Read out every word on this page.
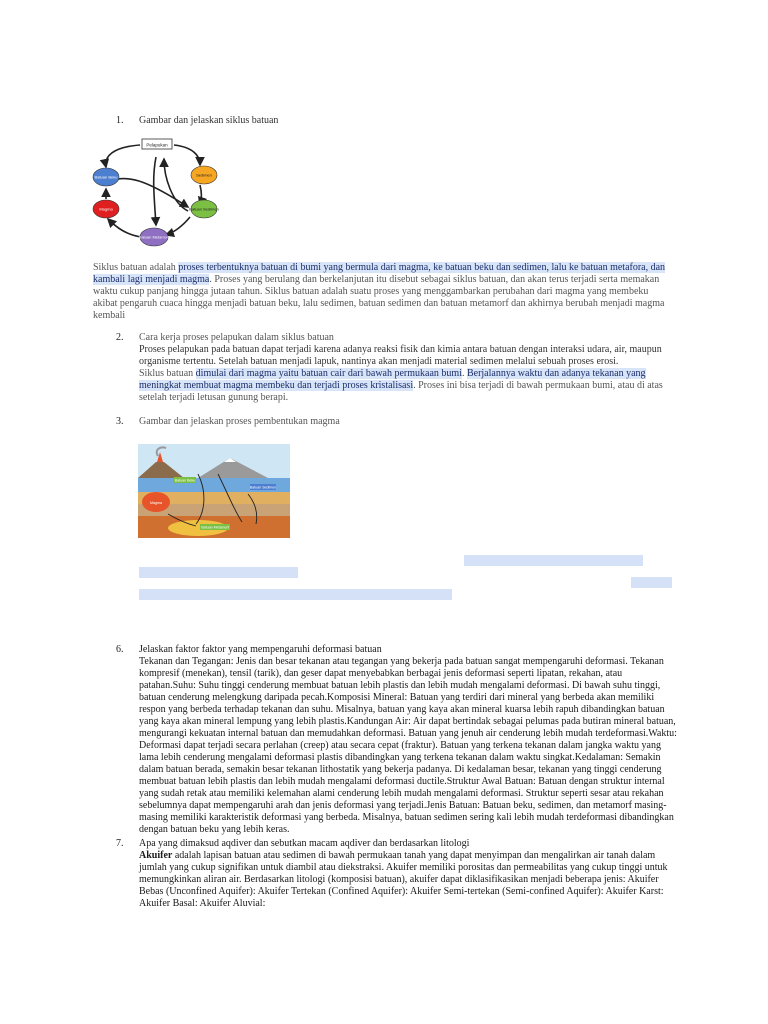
1. Gambar dan jelaskan siklus batuan
Pelapukan
Sedimen
Batuan Beku
Magma	Batuan Sedimen
Batuan Metamorf
Siklus batuan adalah proses terbentuknya batuan di bumi yang bermula dari magma, ke batuan beku dan sedimen, lalu ke batuan metafora, dan kambali lagi menjadi magma. Proses yang berulang dan berkelanjutan itu disebut sebagai siklus batuan, dan akan terus terjadi serta memakan waktu cukup panjang hingga jutaan tahun. Siklus batuan adalah suatu proses yang menggambarkan perubahan dari magma yang membeku akibat pengaruh cuaca hingga menjadi batuan beku, lalu sedimen, batuan sedimen dan batuan metamorf dan akhirnya berubah menjadi magma kembali
2. Cara kerja proses pelapukan dalam siklus batuan
Proses pelapukan pada batuan dapat terjadi karena adanya reaksi fisik dan kimia antara batuan dengan interaksi udara, air, maupun organisme tertentu. Setelah batuan menjadi lapuk, nantinya akan menjadi material sedimen melalui sebuah proses erosi.
Siklus batuan dimulai dari magma yaitu batuan cair dari bawah permukaan bumi. Berjalannya waktu dan adanya tekanan yang meningkat membuat magma membeku dan terjadi proses kristalisasi. Proses ini bisa terjadi di bawah permukaan bumi, atau di atas setelah terjadi letusan gunung berapi.
3. Gambar dan jelaskan proses pembentukan magma
Batuan Beku
Batuan Sedimen
Batuan Metamorf
Magma
6. Jelaskan faktor faktor yang mempengaruhi deformasi batuan
Tekanan dan Tegangan: Jenis dan besar tekanan atau tegangan yang bekerja pada batuan sangat mempengaruhi deformasi. Tekanan kompresif (menekan), tensil (tarik), dan geser dapat menyebabkan berbagai jenis deformasi seperti lipatan, rekahan, atau patahan.Suhu: Suhu tinggi cenderung membuat batuan lebih plastis dan lebih mudah mengalami deformasi. Di bawah suhu tinggi, batuan cenderung melengkung daripada pecah.Komposisi Mineral: Batuan yang terdiri dari mineral yang berbeda akan memiliki respon yang berbeda terhadap tekanan dan suhu. Misalnya, batuan yang kaya akan mineral kuarsa lebih rapuh dibandingkan batuan yang kaya akan mineral lempung yang lebih plastis.Kandungan Air: Air dapat bertindak sebagai pelumas pada butiran mineral batuan, mengurangi kekuatan internal batuan dan memudahkan deformasi. Batuan yang jenuh air cenderung lebih mudah terdeformasi.Waktu: Deformasi dapat terjadi secara perlahan (creep) atau secara cepat (fraktur). Batuan yang terkena tekanan dalam jangka waktu yang lama lebih cenderung mengalami deformasi plastis dibandingkan yang terkena tekanan dalam waktu singkat.Kedalaman: Semakin dalam batuan berada, semakin besar tekanan lithostatik yang bekerja padanya. Di kedalaman besar, tekanan yang tinggi cenderung membuat batuan lebih plastis dan lebih mudah mengalami deformasi ductile.Struktur Awal Batuan: Batuan dengan struktur internal yang sudah retak atau memiliki kelemahan alami cenderung lebih mudah mengalami deformasi. Struktur seperti sesar atau rekahan sebelumnya dapat mempengaruhi arah dan jenis deformasi yang terjadi.Jenis Batuan: Batuan beku, sedimen, dan metamorf masing-masing memiliki karakteristik deformasi yang berbeda. Misalnya, batuan sedimen sering kali lebih mudah terdeformasi dibandingkan dengan batuan beku yang lebih keras.
7. Apa yang dimaksud aqdiver dan sebutkan macam aqdiver dan berdasarkan litologi
Akuifer adalah lapisan batuan atau sedimen di bawah permukaan tanah yang dapat menyimpan dan mengalirkan air tanah dalam jumlah yang cukup signifikan untuk diambil atau diekstraksi. Akuifer memiliki porositas dan permeabilitas yang cukup tinggi untuk memungkinkan aliran air. Berdasarkan litologi (komposisi batuan), akuifer dapat diklasifikasikan menjadi beberapa jenis: Akuifer Bebas (Unconfined Aquifer): Akuifer Tertekan (Confined Aquifer): Akuifer Semi-tertekan (Semi-confined Aquifer): Akuifer Karst: Akuifer Basal: Akuifer Aluvial:
